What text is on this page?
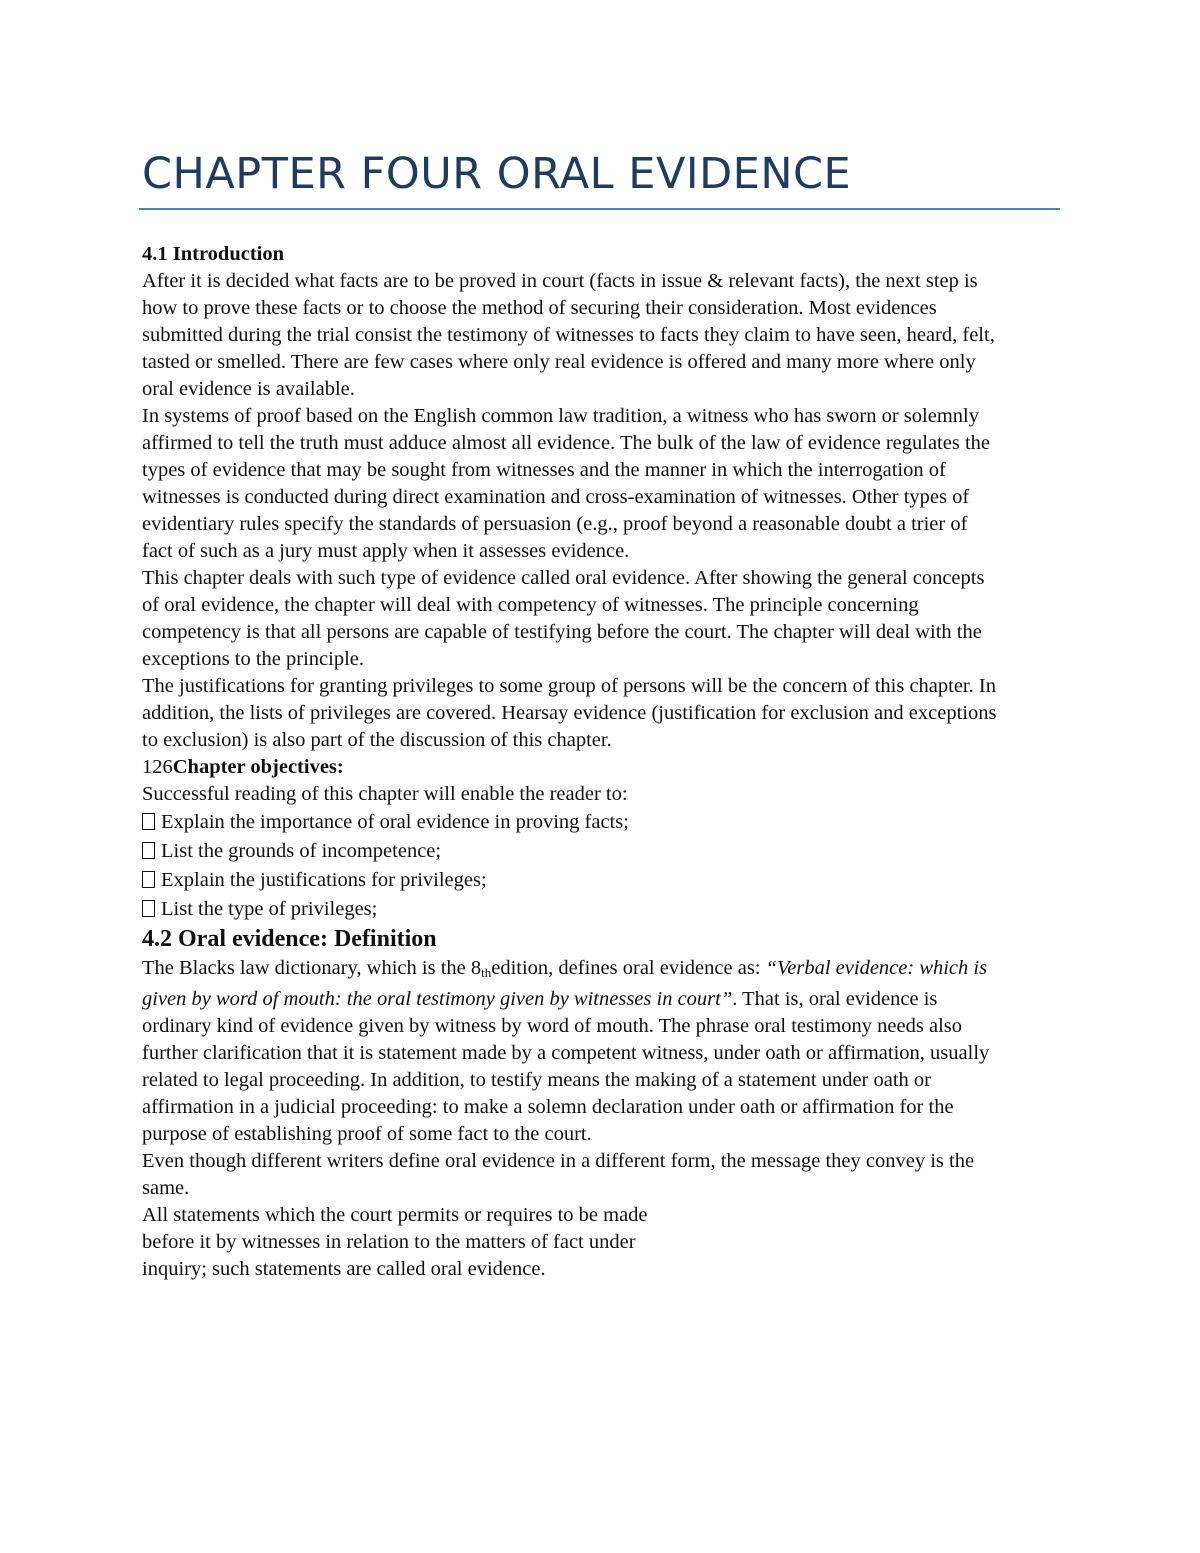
CHAPTER FOUR ORAL EVIDENCE

4.1 Introduction

After it is decided what facts are to be proved in court (facts in issue & relevant facts), the next step is how to prove these facts or to choose the method of securing their consideration. Most evidences submitted during the trial consist the testimony of witnesses to facts they claim to have seen, heard, felt, tasted or smelled. There are few cases where only real evidence is offered and many more where only oral evidence is available.

In systems of proof based on the English common law tradition, a witness who has sworn or solemnly affirmed to tell the truth must adduce almost all evidence. The bulk of the law of evidence regulates the types of evidence that may be sought from witnesses and the manner in which the interrogation of witnesses is conducted during direct examination and cross-examination of witnesses. Other types of evidentiary rules specify the standards of persuasion (e.g., proof beyond a reasonable doubt a trier of fact of such as a jury must apply when it assesses evidence.

This chapter deals with such type of evidence called oral evidence. After showing the general concepts of oral evidence, the chapter will deal with competency of witnesses. The principle concerning competency is that all persons are capable of testifying before the court. The chapter will deal with the exceptions to the principle.

The justifications for granting privileges to some group of persons will be the concern of this chapter. In addition, the lists of privileges are covered. Hearsay evidence (justification for exclusion and exceptions to exclusion) is also part of the discussion of this chapter.

126Chapter objectives:

Successful reading of this chapter will enable the reader to:

Explain the importance of oral evidence in proving facts;
List the grounds of incompetence;
Explain the justifications for privileges;
List the type of privileges;
4.2 Oral evidence: Definition

The Blacks law dictionary, which is the $8_{th}edition$, defines oral evidence as: “Verbal evidence: which is given by word of mouth: the oral testimony given by witnesses in court”. That is, oral evidence is ordinary kind of evidence given by witness by word of mouth. The phrase oral testimony needs also further clarification that it is statement made by a competent witness, under oath or affirmation, usually related to legal proceeding. In addition, to testify means the making of a statement under oath or affirmation in a judicial proceeding: to make a solemn declaration under oath or affirmation for the purpose of establishing proof of some fact to the court.

Even though different writers define oral evidence in a different form, the message they convey is the same.

All statements which the court permits or requires to be made

before it by witnesses in relation to the matters of fact under

inquiry; such statements are called oral evidence.
